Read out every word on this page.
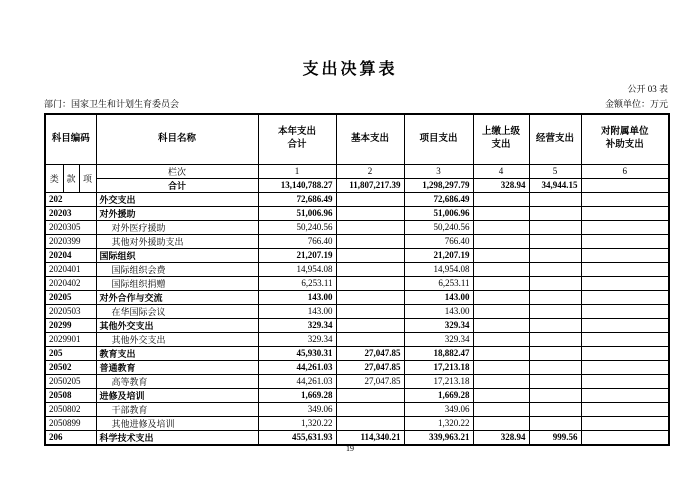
支出决算表
公开 03 表
部门：国家卫生和计划生育委员会	金额单位：万元
科目编码			科目名称	本年支出合计	基本支出	项目支出	上缴上级支出	经营支出	对附属单位补助支出
类	款	项	栏次	1	2	3	4	5	6
			合计	13,140,788.27	11,807,217.39	1,298,297.79	328.94	34,944.15	
202			外交支出	72,686.49		72,686.49			
20203			对外援助	51,006.96		51,006.96			
2020305			对外医疗援助	50,240.56		50,240.56			
2020399			其他对外援助支出	766.40		766.40			
20204			国际组织	21,207.19		21,207.19			
2020401			国际组织会费	14,954.08		14,954.08			
2020402			国际组织捐赠	6,253.11		6,253.11			
20205			对外合作与交流	143.00		143.00			
2020503			在华国际会议	143.00		143.00			
20299			其他外交支出	329.34		329.34			
2029901			其他外交支出	329.34		329.34			
205			教育支出	45,930.31	27,047.85	18,882.47			
20502			普通教育	44,261.03	27,047.85	17,213.18			
2050205			高等教育	44,261.03	27,047.85	17,213.18			
20508			进修及培训	1,669.28		1,669.28			
2050802			干部教育	349.06		349.06			
2050899			其他进修及培训	1,320.22		1,320.22			
206			科学技术支出	455,631.93	114,340.21	339,963.21	328.94	999.56	
19
